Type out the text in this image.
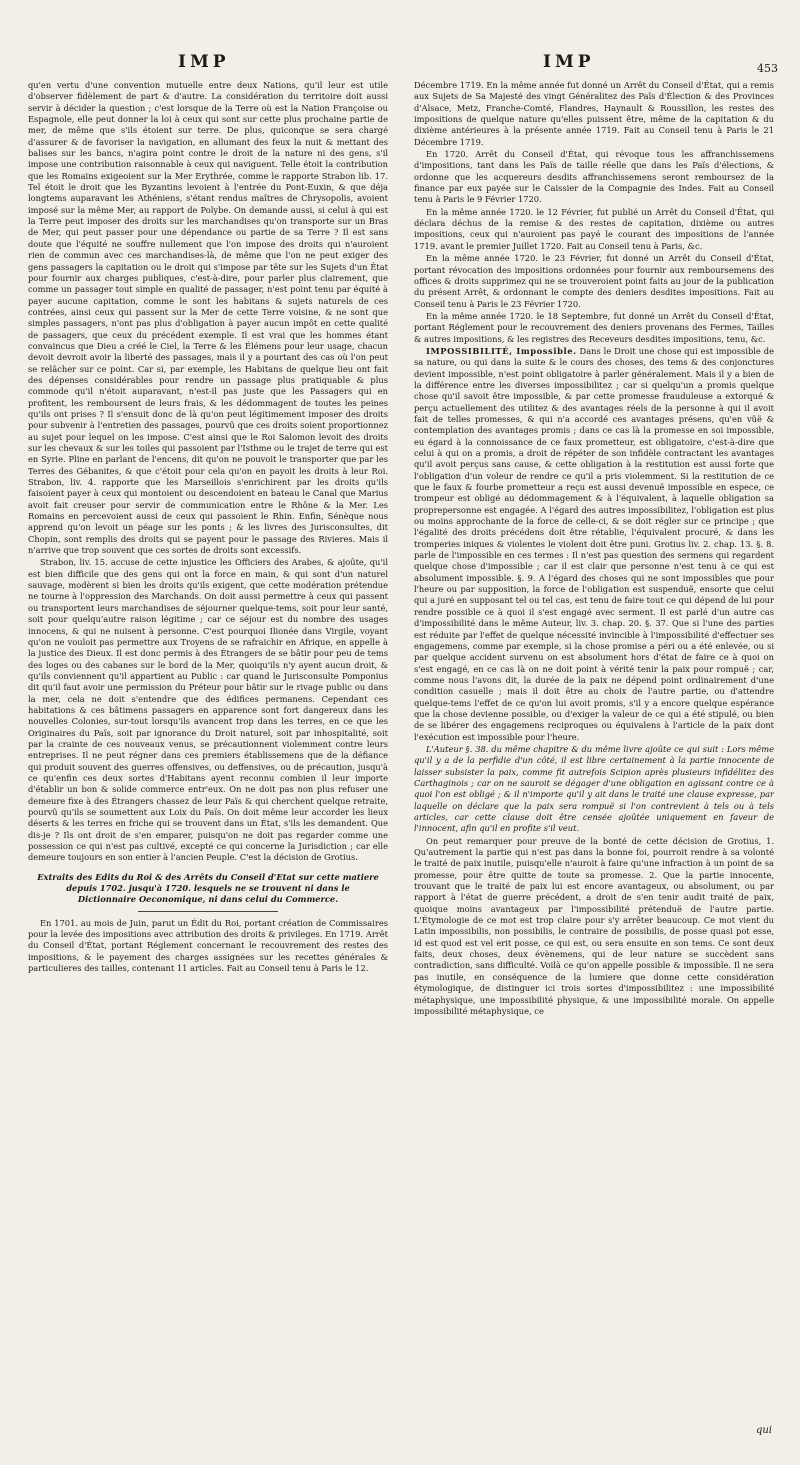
IMP	IMP	453

qu'en vertu d'une convention mutuelle entre deux Nations, qu'il leur est utile d'observer fidèlement de part & d'autre. La considération du territoire doit aussi servir à décider la question ; c'est lorsque de la Terre où est la Nation Françoise ou Espagnole, elle peut donner la loi à ceux qui sont sur cette plus prochaine partie de mer, de même que s'ils étoient sur terre. De plus, quiconque se sera chargé d'assurer & de favoriser la navigation, en allumant des feux la nuit & mettant des balises sur les bancs, n'agira point contre le droit de la nature ni des gens, s'il impose une contribution raisonnable à ceux qui naviguent. Telle étoit la contribution que les Romains exigeoient sur la Mer Erythrée, comme le rapporte Strabon lib. 17. Tel étoit le droit que les Byzantins levoient à l'entrée du Pont-Euxin, & que déja longtems auparavant les Athéniens, s'étant rendus maîtres de Chrysopolis, avoient imposé sur la même Mer, au rapport de Polybe. On demande aussi, si celui à qui est la Terre peut imposer des droits sur les marchandises qu'on transporte sur un Bras de Mer, qui peut passer pour une dépendance ou partie de sa Terre ? Il est sans doute que l'équité ne souffre nullement que l'on impose des droits qui n'auroient rien de commun avec ces marchandises-là, de même que l'on ne peut exiger des gens passagers la capitation ou le droit qui s'impose par tête sur les Sujets d'un État pour fournir aux charges publiques, c'est-à-dire, pour parler plus clairement, que comme un passager tout simple en qualité de passager, n'est point tenu par équité à payer aucune capitation, comme le sont les habitans & sujets naturels de ces contrées, ainsi ceux qui passent sur la Mer de cette Terre voisine, & ne sont que simples passagers, n'ont pas plus d'obligation à payer aucun impôt en cette qualité de passagers, que ceux du précédent exemple. Il est vrai que les hommes étant convaincus que Dieu a créé le Ciel, la Terre & les Élémens pour leur usage, chacun devoit devroit avoir la liberté des passages, mais il y a pourtant des cas où l'on peut se relâcher sur ce point. Car si, par exemple, les Habitans de quelque lieu ont fait des dépenses considérables pour rendre un passage plus pratiquable & plus commode qu'il n'étoit auparavant, n'est-il pas juste que les Passagers qui en profitent, les remboursent de leurs frais, & les dédommagent de toutes les peines qu'ils ont prises ? Il s'ensuit donc de là qu'on peut légitimement imposer des droits pour subvenir à l'entretien des passages, pourvû que ces droits soient proportionnez au sujet pour lequel on les impose. C'est ainsi que le Roi Salomon levoit des droits sur les chevaux & sur les toiles qui passoient par l'Isthme ou le trajet de terre qui est en Syrie. Pline en parlant de l'encens, dit qu'on ne pouvoit le transporter que par les Terres des Gébanites, & que c'étoit pour cela qu'on en payoit les droits à leur Roi. Strabon, liv. 4. rapporte que les Marseillois s'enrichirent par les droits qu'ils faisoient payer à ceux qui montoient ou descendoient en bateau le Canal que Marius avoit fait creuser pour servir de communication entre le Rhône & la Mer. Les Romains en percevoient aussi de ceux qui passoient le Rhin. Enfin, Sénèque nous apprend qu'on levoit un péage sur les ponts ; & les livres des Jurisconsultes, dit Chopin, sont remplis des droits qui se payent pour le passage des Rivieres. Mais il n'arrive que trop souvent que ces sortes de droits sont excessifs.

Strabon, liv. 15. accuse de cette injustice les Officiers des Arabes, & ajoûte, qu'il est bien difficile que des gens qui ont la force en main, & qui sont d'un naturel sauvage, modèrent si bien les droits qu'ils exigent, que cette modération prétendue ne tourne à l'oppression des Marchands. On doit aussi permettre à ceux qui passent ou transportent leurs marchandises de séjourner quelque-tems, soit pour leur santé, soit pour quelqu'autre raison légitime ; car ce séjour est du nombre des usages innocens, & qui ne nuisent à personne. C'est pourquoi Ilionée dans Virgile, voyant qu'on ne vouloit pas permettre aux Troyens de se rafraichir en Afrique, en appelle à la justice des Dieux. Il est donc permis à des Étrangers de se bâtir pour peu de tems des loges ou des cabanes sur le bord de la Mer, quoiqu'ils n'y ayent aucun droit, & qu'ils conviennent qu'il appartient au Public : car quand le Jurisconsulte Pomponius dit qu'il faut avoir une permission du Préteur pour bâtir sur le rivage public ou dans la mer, cela ne doit s'entendre que des édifices permanens. Cependant ces habitations & ces bâtimens passagers en apparence sont fort dangereux dans les nouvelles Colonies, sur-tout lorsqu'ils avancent trop dans les terres, en ce que les Originaires du Païs, soit par ignorance du Droit naturel, soit par inhospitalité, soit par la crainte de ces nouveaux venus, se précautionnent violemment contre leurs entreprises. Il ne peut régner dans ces premiers établissemens que de la défiance qui produit souvent des guerres offensives, ou deffensives, ou de précaution, jusqu'à ce qu'enfin ces deux sortes d'Habitans ayent reconnu combien il leur importe d'établir un bon & solide commerce entr'eux. On ne doit pas non plus refuser une demeure fixe à des Étrangers chassez de leur Païs & qui cherchent quelque retraite, pourvû qu'ils se soumettent aux Loix du Païs. On doit même leur accorder les lieux déserts & les terres en friche qui se trouvent dans un État, s'ils les demandent. Que dis-je ? Ils ont droit de s'en emparer, puisqu'on ne doit pas regarder comme une possession ce qui n'est pas cultivé, excepté ce qui concerne la Jurisdiction ; car elle demeure toujours en son entier à l'ancien Peuple. C'est la décision de Grotius.

Extraits des Edits du Roi & des Arrêts du Conseil d'Etat sur cette matiere depuis 1702. jusqu'à 1720. lesquels ne se trouvent ni dans le Dictionnaire Oeconomique, ni dans celui du Commerce.

En 1701. au mois de Juin, parut un Édit du Roi, portant création de Commissaires pour la levée des impositions avec attribution des droits & privileges. En 1719. Arrêt du Conseil d'État, portant Réglement concernant le recouvrement des restes des impositions, & le payement des charges assignées sur les recettes générales & particulieres des tailles, contenant 11 articles. Fait au Conseil tenu à Paris le 12.

Décembre 1719. En la même année fut donné un Arrêt du Conseil d'État, qui a remis aux Sujets de Sa Majesté des vingt Généralitez des Païs d'Élection & des Provinces d'Alsace, Metz, Franche-Comté, Flandres, Haynault & Roussillon, les restes des impositions de quelque nature qu'elles puissent être, même de la capitation & du dixième antérieures à la présente année 1719. Fait au Conseil tenu à Paris le 21 Décembre 1719.

En 1720. Arrêt du Conseil d'État, qui révoque tous les affranchissemens d'impositions, tant dans les Païs de taille réelle que dans les Païs d'élections, & ordonne que les acquereurs desdits affranchissemens seront remboursez de la finance par eux payée sur le Caissier de la Compagnie des Indes. Fait au Conseil tenu à Paris le 9 Février 1720.

En la même année 1720. le 12 Février, fut publié un Arrêt du Conseil d'État, qui déclara déchus de la remise & des restes de capitation, dixième ou autres impositions, ceux qui n'auroient pas payé le courant des impositions de l'année 1719. avant le premier Juillet 1720. Fait au Conseil tenu à Paris, &c.

En la même année 1720. le 23 Février, fut donné un Arrêt du Conseil d'État, portant révocation des impositions ordonnées pour fournir aux remboursemens des offices & droits supprimez qui ne se trouveroient point faits au jour de la publication du présent Arrêt, & ordonnant le compte des deniers desdites impositions. Fait au Conseil tenu à Paris le 23 Février 1720.

En la même année 1720. le 18 Septembre, fut donné un Arrêt du Conseil d'État, portant Réglement pour le recouvrement des deniers provenans des Fermes, Tailles & autres impositions, & les registres des Receveurs desdites impositions, tenu, &c.

IMPOSSIBILITÉ, Impossible. Dans le Droit une chose qui est impossible de sa nature, ou qui dans la suite & le cours des choses, des tems & des conjonctures devient impossible, n'est point obligatoire à parler généralement. Mais il y a bien de la différence entre les diverses impossibilitez ; car si quelqu'un a promis quelque chose qu'il savoit être impossible, & par cette promesse frauduleuse a extorqué & perçu actuellement des utilitez & des avantages réels de la personne à qui il avoit fait de telles promesses, & qui n'a accordé ces avantages présens, qu'en vûë & contemplation des avantages promis ; dans ce cas là la promesse en soi impossible, eu égard à la connoissance de ce faux prometteur, est obligatoire, c'est-à-dire que celui à qui on a promis, a droit de répéter de son infidèle contractant les avantages qu'il avoit perçus sans cause, & cette obligation à la restitution est aussi forte que l'obligation d'un voleur de rendre ce qu'il a pris violemment. Si la restitution de ce que le faux & fourbe prometteur a reçu est aussi devenuë impossible en espece, ce trompeur est obligé au dédommagement & à l'équivalent, à laquelle obligation sa proprepersonne est engagée. A l'égard des autres impossibilitez, l'obligation est plus ou moins approchante de la force de celle-ci, & se doit régler sur ce principe ; que l'égalité des droits précédens doit être rétablie, l'équivalent procuré, & dans les tromperies iniques & violentes le violent doit être puni. Grotius liv. 2. chap. 13. §. 8. parle de l'impossible en ces termes : Il n'est pas question des sermens qui regardent quelque chose d'impossible ; car il est clair que personne n'est tenu à ce qui est absolument impossible. §. 9. A l'égard des choses qui ne sont impossibles que pour l'heure ou par supposition, la force de l'obligation est suspenduë, ensorte que celui qui a juré en supposant tel ou tel cas, est tenu de faire tout ce qui dépend de lui pour rendre possible ce à quoi il s'est engagé avec serment. Il est parlé d'un autre cas d'impossibilité dans le même Auteur, liv. 3. chap. 20. §. 37. Que si l'une des parties est réduite par l'effet de quelque nécessité invincible à l'impossibilité d'effectuer ses engagemens, comme par exemple, si la chose promise a péri ou a été enlevée, ou si par quelque accident survenu on est absolument hors d'état de faire ce à quoi on s'est engagé, en ce cas là on ne doit point à vérité tenir la paix pour rompuë ; car, comme nous l'avons dit, la durée de la paix ne dépend point ordinairement d'une condition casuelle ; mais il doit être au choix de l'autre partie, ou d'attendre quelque-tems l'effet de ce qu'on lui avoit promis, s'il y a encore quelque espérance que la chose devienne possible, ou d'exiger la valeur de ce qui a été stipulé, ou bien de se libérer des engagemens reciproques ou équivalens à l'article de la paix dont l'exécution est impossible pour l'heure.

L'Auteur §. 38. du même chapitre & du même livre ajoûte ce qui suit : Lors même qu'il y a de la perfidie d'un côté, il est libre certainement à la partie innocente de laisser subsister la paix, comme fit autrefois Scipion après plusieurs infidélitez des Carthaginois ; car on ne sauroit se dégager d'une obligation en agissant contre ce à quoi l'on est obligé ; & il n'importe qu'il y ait dans le traité une clause expresse, par laquelle on déclare que la paix sera rompuë si l'on contrevient à tels ou à tels articles, car cette clause doit être censée ajoûtée uniquement en faveur de l'innocent, afin qu'il en profite s'il veut.

On peut remarquer pour preuve de la bonté de cette décision de Grotius, 1. Qu'autrement la partie qui n'est pas dans la bonne foi, pourroit rendre à sa volonté le traité de paix inutile, puisqu'elle n'auroit à faire qu'une infraction à un point de sa promesse, pour être quitte de toute sa promesse. 2. Que la partie innocente, trouvant que le traité de paix lui est encore avantageux, ou absolument, ou par rapport à l'état de guerre précédent, a droit de s'en tenir audit traité de paix, quoique moins avantageux par l'impossibilité prétenduë de l'autre partie. L'Étymologie de ce mot est trop claire pour s'y arrêter beaucoup. Ce mot vient du Latin impossibilis, non possibilis, le contraire de possibilis, de posse quasi pot esse, id est quod est vel erit posse, ce qui est, ou sera ensuite en son tems. Ce sont deux faits, deux choses, deux évènemens, qui de leur nature se succèdent sans contradiction, sans difficulté. Voilà ce qu'on appelle possible & impossible. Il ne sera pas inutile, en conséquence de la lumiere que donne cette considération étymologique, de distinguer ici trois sortes d'impossibilitez : une impossibilité métaphysique, une impossibilité physique, & une impossibilité morale. On appelle impossibilité métaphysique, ce

qui
